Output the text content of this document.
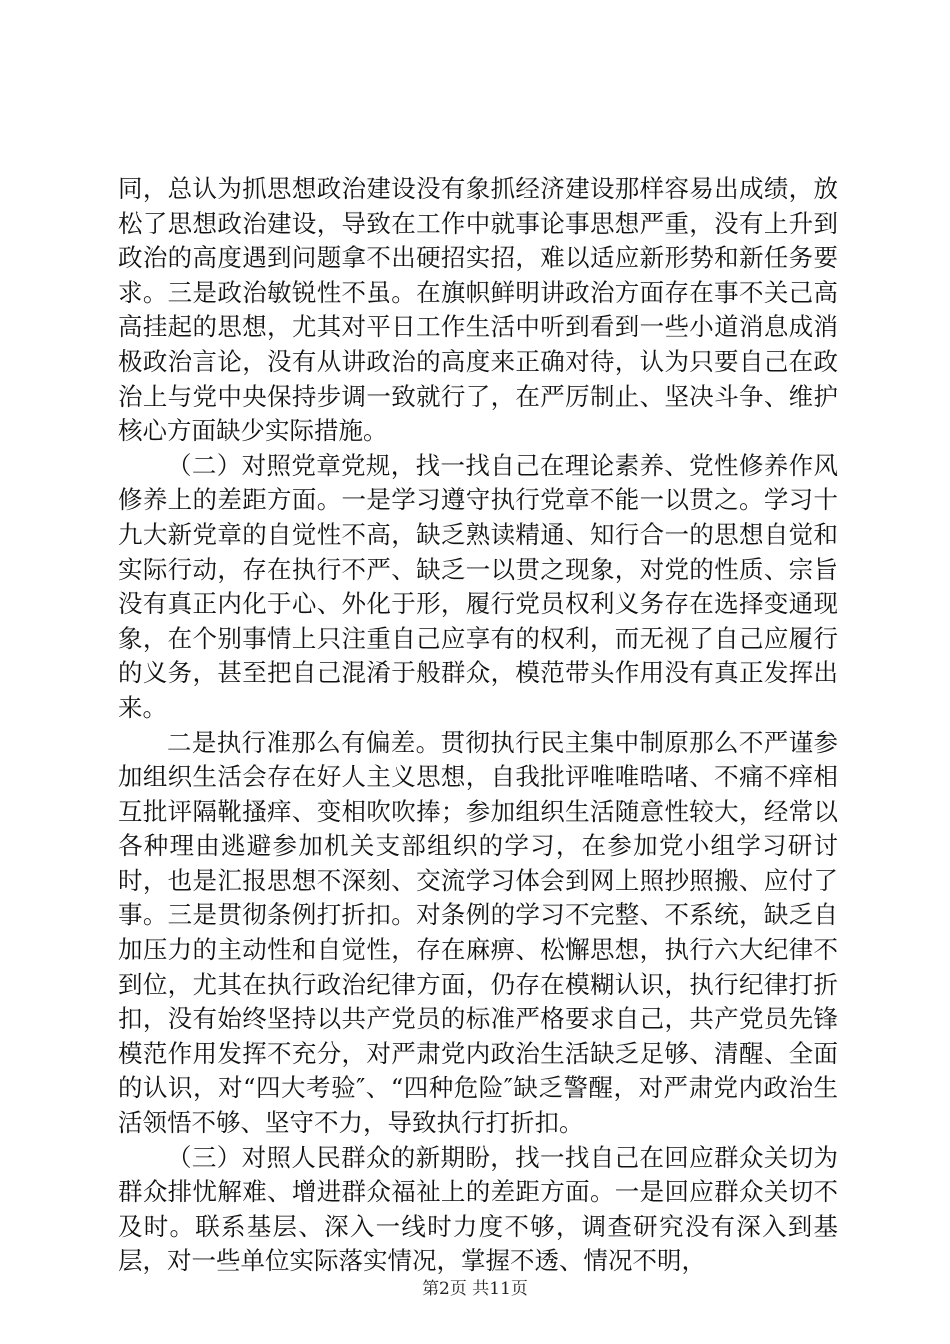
同，总认为抓思想政治建设没有象抓经济建设那样容易出成绩，放松了思想政治建设，导致在工作中就事论事思想严重，没有上升到政治的高度遇到问题拿不出硬招实招，难以适应新形势和新任务要求。三是政治敏锐性不虽。在旗帜鲜明讲政治方面存在事不关己高高挂起的思想，尤其对平日工作生活中听到看到一些小道消息成消极政治言论，没有从讲政治的高度来正确对待，认为只要自己在政治上与党中央保持步调一致就行了，在严厉制止、坚决斗争、维护核心方面缺少实际措施。

（二）对照党章党规，找一找自己在理论素养、党性修养作风修养上的差距方面。一是学习遵守执行党章不能一以贯之。学习十九大新党章的自觉性不高，缺乏熟读精通、知行合一的思想自觉和实际行动，存在执行不严、缺乏一以贯之现象，对党的性质、宗旨没有真正内化于心、外化于形，履行党员权利义务存在选择变通现象，在个别事情上只注重自己应享有的权利，而无视了自己应履行的义务，甚至把自己混淆于般群众，模范带头作用没有真正发挥出来。

二是执行准那么有偏差。贯彻执行民主集中制原那么不严谨参加组织生活会存在好人主义思想，自我批评唯唯晧啫、不痛不痒相互批评隔靴搔痒、变相吹吹捧；参加组织生活随意性较大，经常以各种理由逃避参加机关支部组织的学习，在参加党小组学习研讨时，也是汇报思想不深刻、交流学习体会到网上照抄照搬、应付了事。三是贯彻条例打折扣。对条例的学习不完整、不系统，缺乏自加压力的主动性和自觉性，存在麻痹、松懈思想，执行六大纪律不到位，尤其在执行政治纪律方面，仍存在模糊认识，执行纪律打折扣，没有始终坚持以共产党员的标准严格要求自己，共产党员先锋模范作用发挥不充分，对严肃党内政治生活缺乏足够、清醒、全面的认识，对“四大考验″、“四种危险″缺乏警醒，对严肃党内政治生活领悟不够、坚守不力，导致执行打折扣。

（三）对照人民群众的新期盼，找一找自己在回应群众关切为群众排忧解难、增进群众福祉上的差距方面。一是回应群众关切不及时。联系基层、深入一线时力度不够，调查研究没有深入到基层，对一些单位实际落实情况，掌握不透、情况不明，

第2页 共11页
